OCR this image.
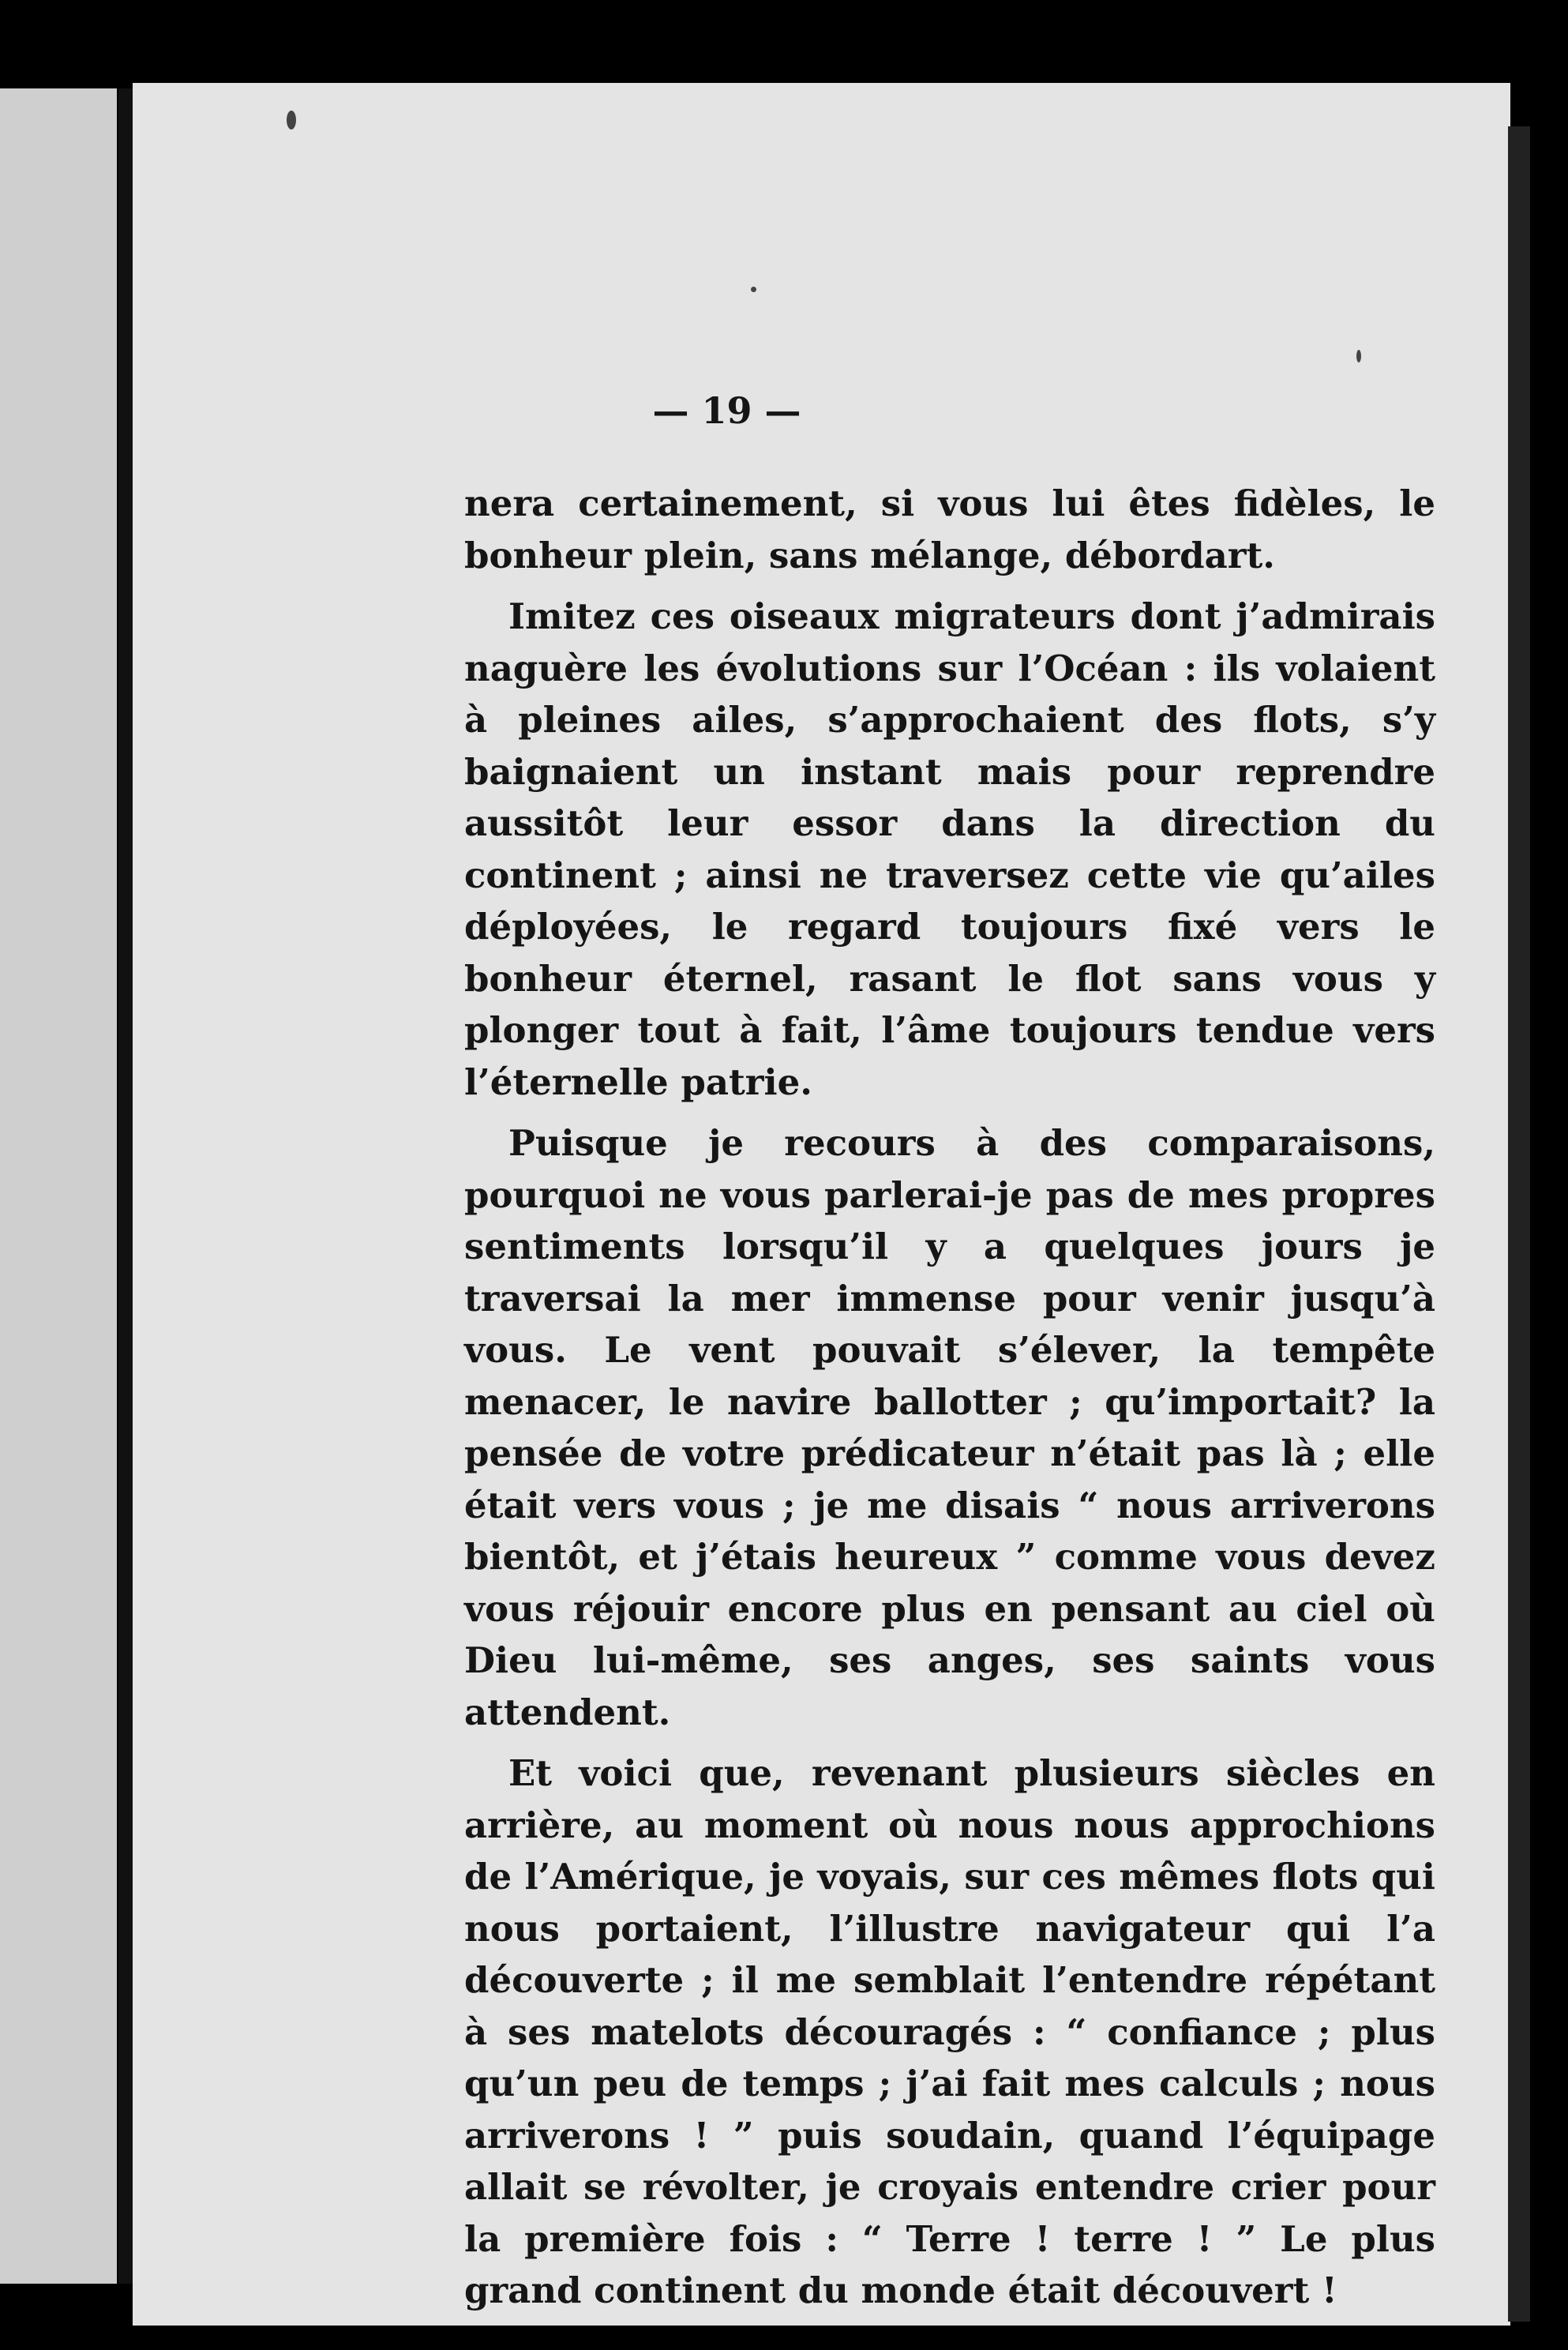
— 19 —

nera certainement, si vous lui êtes fidèles, le bonheur plein, sans mélange, débordart.

Imitez ces oiseaux migrateurs dont j’admirais naguère les évolutions sur l’Océan : ils volaient à pleines ailes, s’approchaient des flots, s’y baignaient un instant mais pour reprendre aussitôt leur essor dans la direction du continent ; ainsi ne traversez cette vie qu’ailes déployées, le regard toujours fixé vers le bonheur éternel, rasant le flot sans vous y plonger tout à fait, l’âme toujours tendue vers l’éternelle patrie.

Puisque je recours à des comparaisons, pourquoi ne vous parlerai-je pas de mes propres sentiments lorsqu’il y a quelques jours je traversai la mer immense pour venir jusqu’à vous. Le vent pouvait s’élever, la tempête menacer, le navire ballotter ; qu’importait? la pensée de votre prédicateur n’était pas là ; elle était vers vous ; je me disais “ nous arriverons bientôt, et j’étais heureux ” comme vous devez vous réjouir encore plus en pensant au ciel où Dieu lui-même, ses anges, ses saints vous attendent.

Et voici que, revenant plusieurs siècles en arrière, au moment où nous nous approchions de l’Amérique, je voyais, sur ces mêmes flots qui nous portaient, l’illustre navigateur qui l’a découverte ; il me semblait l’entendre répétant à ses matelots découragés : “ confiance ; plus qu’un peu de temps ; j’ai fait mes calculs ; nous arriverons ! ” puis soudain, quand l’équipage allait se révolter, je croyais entendre crier pour la première fois : “ Terre ! terre ! ” Le plus grand continent du monde était découvert !
